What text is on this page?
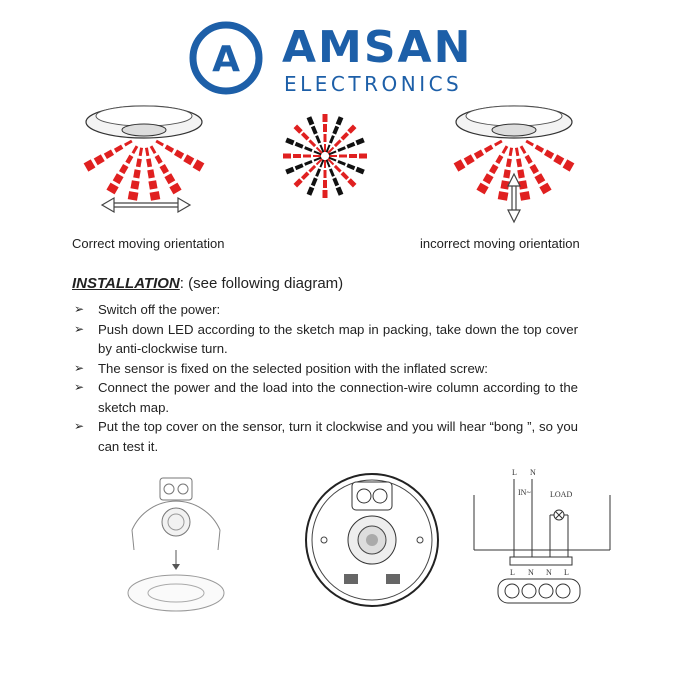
A AMSAN
ELECTRONICS
Correct moving orientation	incorrect moving orientation
INSTALLATION: (see following diagram)
➢ Switch off the power:
➢ Push down LED according to the sketch map in packing, take down the top cover by anti-clockwise turn.
➢ The sensor is fixed on the selected position with the inflated screw:
➢ Connect the power and the load into the connection-wire column according to the sketch map.
➢ Put the top cover on the sensor, turn it clockwise and you will hear “bong ”, so you can test it.
L N
IN~ LOAD
L N N L
